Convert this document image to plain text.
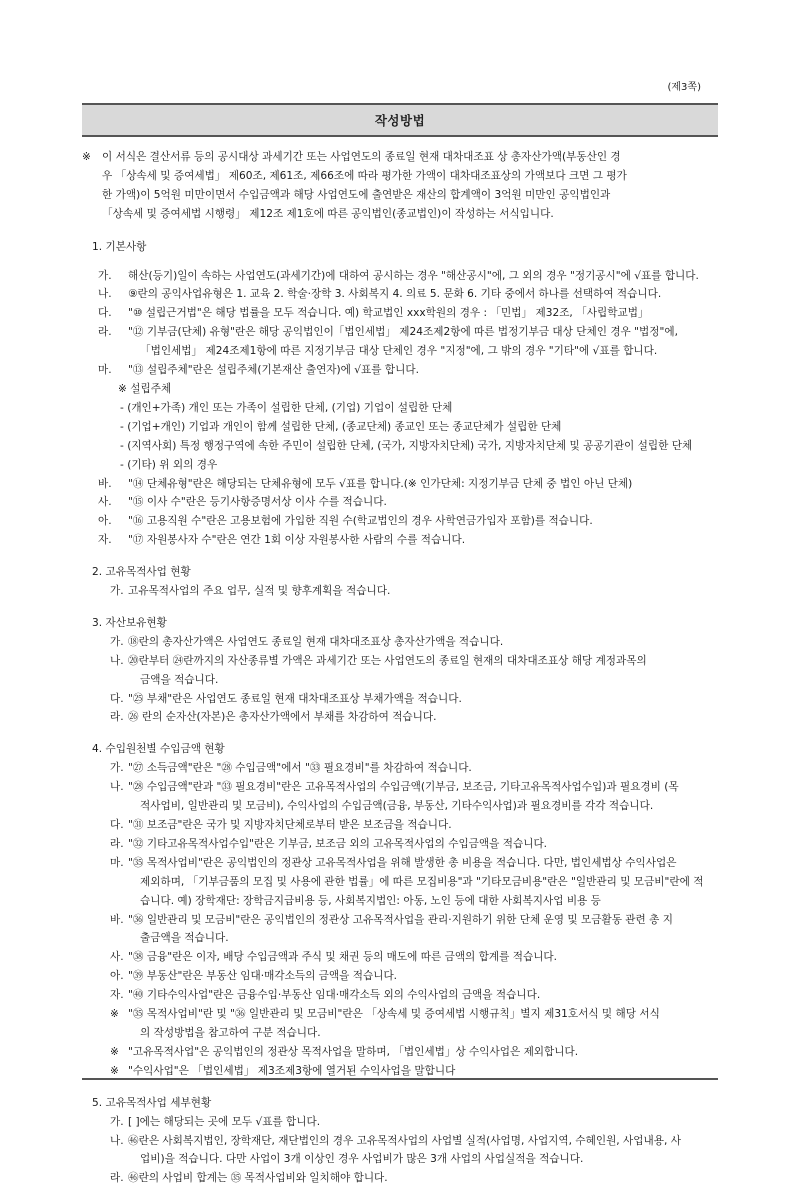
(제3쪽)
작성방법
※ 이 서식은 결산서류 등의 공시대상 과세기간 또는 사업연도의 종료일 현재 대차대조표 상 총자산가액(부동산인 경
우 「상속세 및 증여세법」 제60조, 제61조, 제66조에 따라 평가한 가액이 대차대조표상의 가액보다 크면 그 평가
한 가액)이 5억원 미만이면서 수입금액과 해당 사업연도에 출연받은 재산의 합계액이 3억원 미만인 공익법인과
「상속세 및 증여세법 시행령」 제12조 제1호에 따른 공익법인(종교법인)이 작성하는 서식입니다.
1. 기본사항
가. 해산(등기)일이 속하는 사업연도(과세기간)에 대하여 공시하는 경우 "해산공시"에, 그 외의 경우 "정기공시"에 √표를 합니다.
나. ⑨란의 공익사업유형은 1. 교육 2. 학술·장학 3. 사회복지 4. 의료 5. 문화 6. 기타 중에서 하나를 선택하여 적습니다.
다. "⑩ 설립근거법"은 해당 법률을 모두 적습니다. 예) 학교법인 xxx학원의 경우 : 「민법」 제32조, 「사립학교법」
라. "⑫ 기부금(단체) 유형"란은 해당 공익법인이「법인세법」 제24조제2항에 따른 법정기부금 대상 단체인 경우 "법정"에,
「법인세법」 제24조제1항에 따른 지정기부금 대상 단체인 경우 "지정"에, 그 밖의 경우 "기타"에 √표를 합니다.
마. "⑬ 설립주체"란은 설립주체(기본재산 출연자)에 √표를 합니다.
※ 설립주체
- (개인+가족) 개인 또는 가족이 설립한 단체, (기업) 기업이 설립한 단체
- (기업+개인) 기업과 개인이 함께 설립한 단체, (종교단체) 종교인 또는 종교단체가 설립한 단체
- (지역사회) 특정 행정구역에 속한 주민이 설립한 단체, (국가, 지방자치단체) 국가, 지방자치단체 및 공공기관이 설립한 단체
- (기타) 위 외의 경우
바. "⑭ 단체유형"란은 해당되는 단체유형에 모두 √표를 합니다.(※ 인가단체: 지정기부금 단체 중 법인 아닌 단체)
사. "⑮ 이사 수"란은 등기사항증명서상 이사 수를 적습니다.
아. "⑯ 고용직원 수"란은 고용보험에 가입한 직원 수(학교법인의 경우 사학연금가입자 포함)를 적습니다.
자. "⑰ 자원봉사자 수"란은 연간 1회 이상 자원봉사한 사람의 수를 적습니다.
2. 고유목적사업 현황
가. 고유목적사업의 주요 업무, 실적 및 향후계획을 적습니다.
3. 자산보유현황
가. ⑱란의 총자산가액은 사업연도 종료일 현재 대차대조표상 총자산가액을 적습니다.
나. ⑳란부터 ㉔란까지의 자산종류별 가액은 과세기간 또는 사업연도의 종료일 현재의 대차대조표상 해당 계정과목의
금액을 적습니다.
다. "㉕ 부채"란은 사업연도 종료일 현재 대차대조표상 부채가액을 적습니다.
라. ㉖ 란의 순자산(자본)은 총자산가액에서 부채를 차감하여 적습니다.
4. 수입원천별 수입금액 현황
가. "㉗ 소득금액"란은 "㉘ 수입금액"에서 "㉝ 필요경비"를 차감하여 적습니다.
나. "㉘ 수입금액"란과 "㉝ 필요경비"란은 고유목적사업의 수입금액(기부금, 보조금, 기타고유목적사업수입)과 필요경비 (목
적사업비, 일반관리 및 모금비), 수익사업의 수입금액(금융, 부동산, 기타수익사업)과 필요경비를 각각 적습니다.
다. "㉛ 보조금"란은 국가 및 지방자치단체로부터 받은 보조금을 적습니다.
라. "㉜ 기타고유목적사업수입"란은 기부금, 보조금 외의 고유목적사업의 수입금액을 적습니다.
마. "㉟ 목적사업비"란은 공익법인의 정관상 고유목적사업을 위해 발생한 총 비용을 적습니다. 다만, 법인세법상 수익사업은
제외하며, 「기부금품의 모집 및 사용에 관한 법률」에 따른 모집비용"과 "기타모금비용"란은 "일반관리 및 모금비"란에 적
습니다. 예) 장학재단: 장학금지급비용 등, 사회복지법인: 아동, 노인 등에 대한 사회복지사업 비용 등
바. "㊱ 일반관리 및 모금비"란은 공익법인의 정관상 고유목적사업을 관리·지원하기 위한 단체 운영 및 모금활동 관련 총 지
출금액을 적습니다.
사. "㊳ 금융"란은 이자, 배당 수입금액과 주식 및 채권 등의 매도에 따른 금액의 합계를 적습니다.
아. "㊴ 부동산"란은 부동산 임대·매각소득의 금액을 적습니다.
자. "㊵ 기타수익사업"란은 금융수입·부동산 임대·매각소득 외의 수익사업의 금액을 적습니다.
※ "㉟ 목적사업비"란 및 "㊱ 일반관리 및 모금비"란은 「상속세 및 증여세법 시행규칙」별지 제31호서식 및 해당 서식
의 작성방법을 참고하여 구분 적습니다.
※ "고유목적사업"은 공익법인의 정관상 목적사업을 말하며, 「법인세법」상 수익사업은 제외합니다.
※ "수익사업"은 「법인세법」 제3조제3항에 열거된 수익사업을 말합니다
5. 고유목적사업 세부현황
가. [ ]에는 해당되는 곳에 모두 √표를 합니다.
나. ㊻란은 사회복지법인, 장학재단, 재단법인의 경우 고유목적사업의 사업별 실적(사업명, 사업지역, 수혜인원, 사업내용, 사
업비)을 적습니다. 다만 사업이 3개 이상인 경우 사업비가 많은 3개 사업의 사업실적을 적습니다.
라. ㊻란의 사업비 합계는 ㉟ 목적사업비와 일치해야 합니다.
